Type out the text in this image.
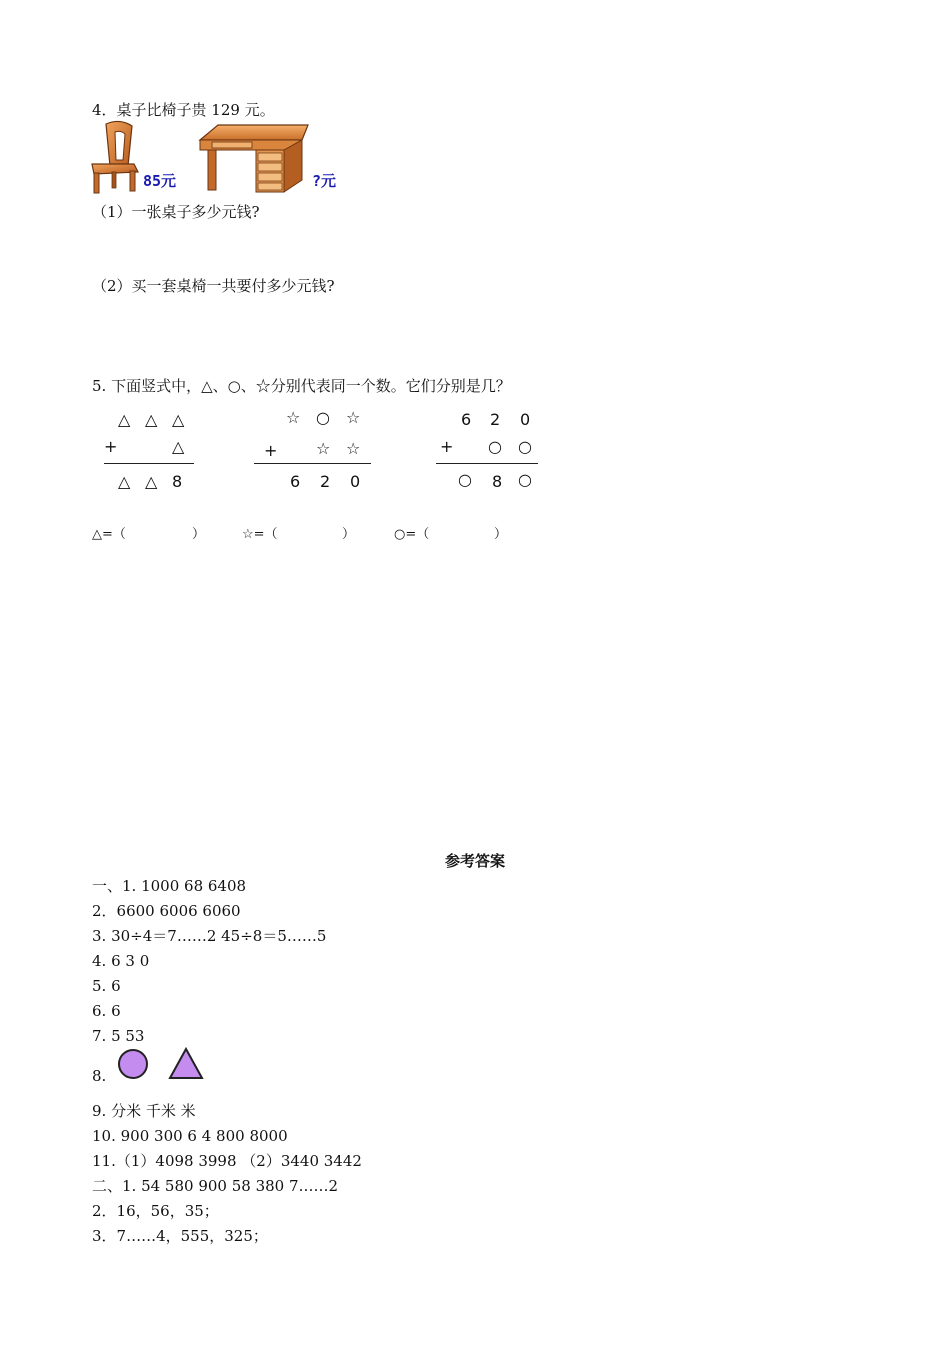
4．桌子比椅子贵 129 元。
85元	?元
（1）一张桌子多少元钱?
（2）买一套桌椅一共要付多少元钱?
5. 下面竖式中，△、○、☆分别代表同一个数。它们分别是几？
△ △ △
+	△
△ △ 8
☆ ○ ☆
+ ☆ ☆
6 2 0
6 2 0
+ ○ ○
○ 8 ○
△=（	）	☆=（	）	○=（	）
参考答案
一、1. 1000 68 6408
2．6600 6006 6060
3. 30÷4＝7……2 45÷8＝5……5
4. 6 3 0
5. 6
6. 6
7. 5 53
8.
9. 分米 千米 米
10. 900 300 6 4 800 8000
11.（1）4098 3998 （2）3440 3442
二、1. 54 580 900 58 380 7……2
2．16，56，35；
3．7……4，555，325；
